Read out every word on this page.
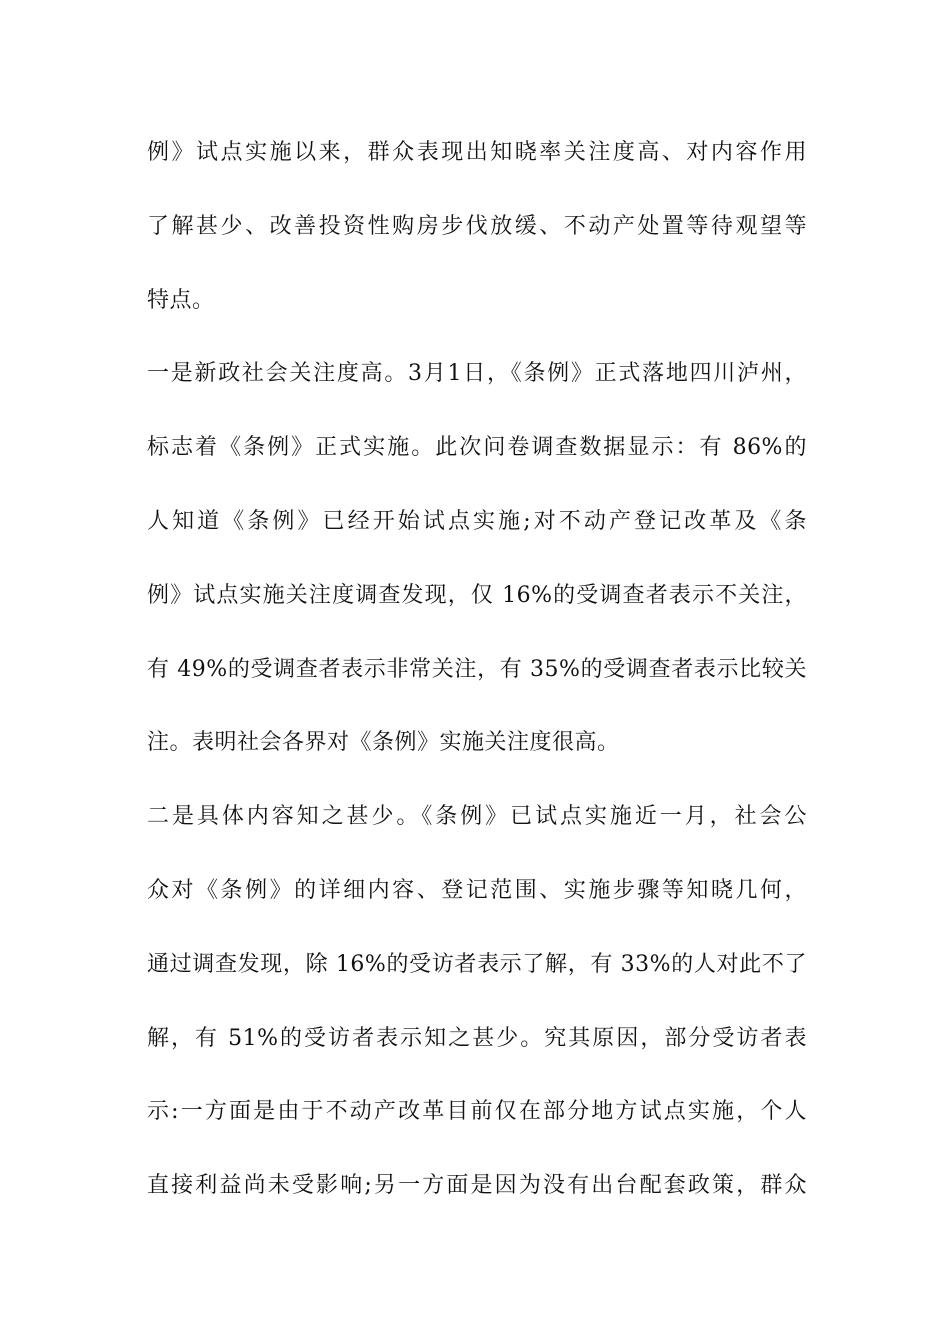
例》试点实施以来，群众表现出知晓率关注度高、对内容作用
了解甚少、改善投资性购房步伐放缓、不动产处置等待观望等
特点。
一是新政社会关注度高。3月1日，《条例》正式落地四川泸州，
标志着《条例》正式实施。此次问卷调查数据显示：有 86%的
人知道《条例》已经开始试点实施;对不动产登记改革及《条
例》试点实施关注度调查发现，仅 16%的受调查者表示不关注，
有 49%的受调查者表示非常关注，有 35%的受调查者表示比较关
注。表明社会各界对《条例》实施关注度很高。
二是具体内容知之甚少。《条例》已试点实施近一月，社会公
众对《条例》的详细内容、登记范围、实施步骤等知晓几何，
通过调查发现，除 16%的受访者表示了解，有 33%的人对此不了
解，有 51%的受访者表示知之甚少。究其原因，部分受访者表
示:一方面是由于不动产改革目前仅在部分地方试点实施，个人
直接利益尚未受影响;另一方面是因为没有出台配套政策，群众
